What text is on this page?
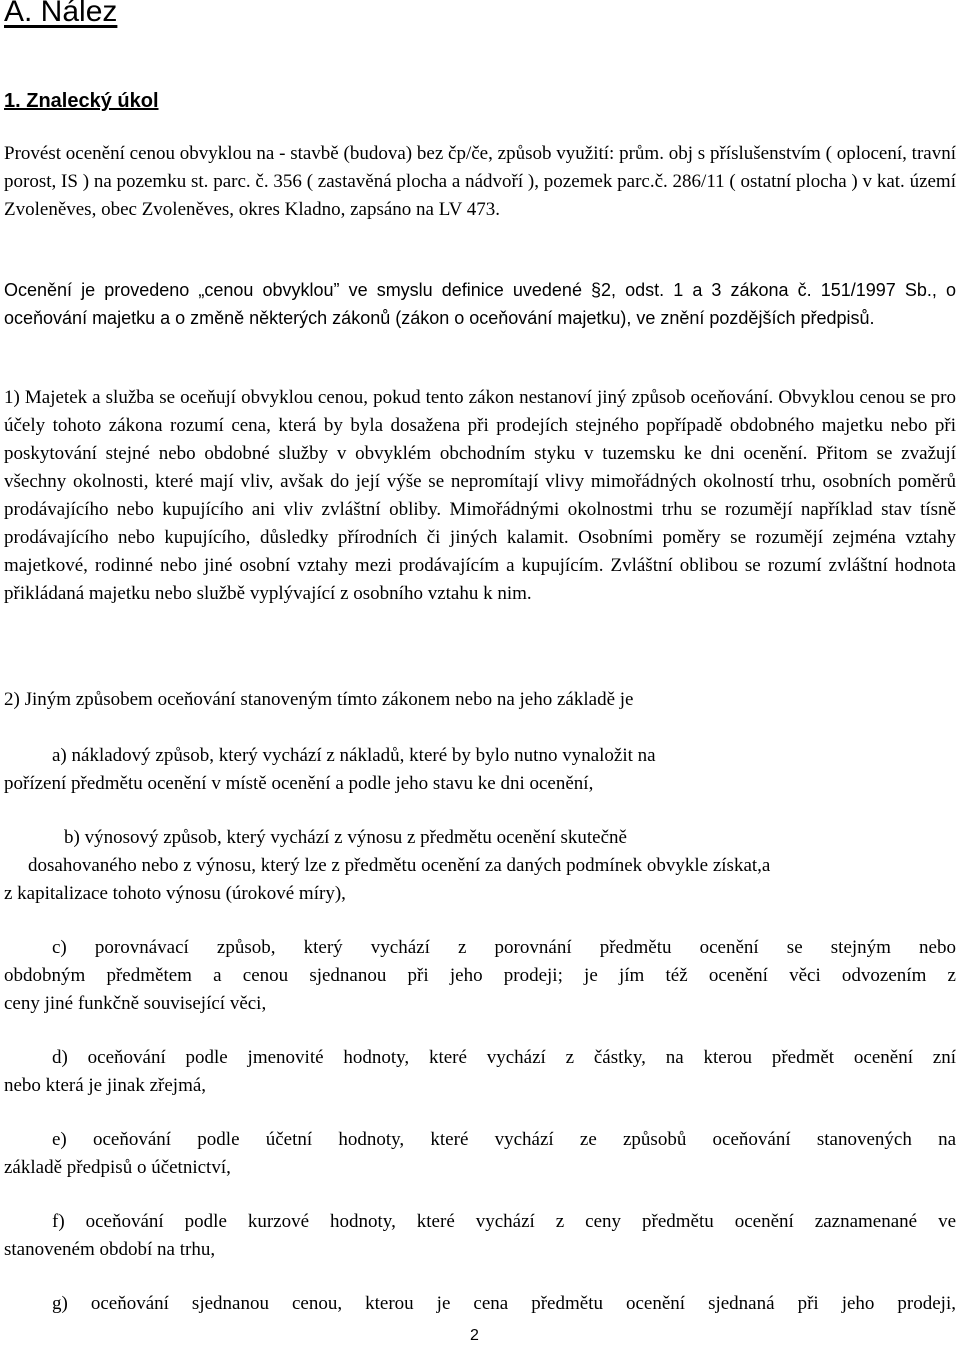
A. Nález
1. Znalecký úkol

Provést ocenění cenou obvyklou na - stavbě (budova) bez čp/če, způsob využití: prům. obj s příslušenstvím ( oplocení, travní porost, IS ) na pozemku st. parc. č. 356 ( zastavěná plocha a nádvoří ), pozemek parc.č. 286/11 ( ostatní plocha ) v kat. území Zvoleněves, obec Zvoleněves, okres Kladno, zapsáno na LV 473.

Ocenění je provedeno „cenou obvyklou” ve smyslu definice uvedené §2, odst. 1 a 3 zákona č. 151/1997 Sb., o oceňování majetku a o změně některých zákonů (zákon o oceňování majetku), ve znění pozdějších předpisů.

1) Majetek a služba se oceňují obvyklou cenou, pokud tento zákon nestanoví jiný způsob oceňování. Obvyklou cenou se pro účely tohoto zákona rozumí cena, která by byla dosažena při prodejích stejného popřípadě obdobného majetku nebo při poskytování stejné nebo obdobné služby v obvyklém obchodním styku v tuzemsku ke dni ocenění. Přitom se zvažují všechny okolnosti, které mají vliv, avšak do její výše se nepromítají vlivy mimořádných okolností trhu, osobních poměrů prodávajícího nebo kupujícího ani vliv zvláštní obliby. Mimořádnými okolnostmi trhu se rozumějí například stav tísně prodávajícího nebo kupujícího, důsledky přírodních či jiných kalamit. Osobními poměry se rozumějí zejména vztahy majetkové, rodinné nebo jiné osobní vztahy mezi prodávajícím a kupujícím. Zvláštní oblibou se rozumí zvláštní hodnota přikládaná majetku nebo službě vyplývající z osobního vztahu k nim.

2) Jiným způsobem oceňování stanoveným tímto zákonem nebo na jeho základě je

a) nákladový způsob, který vychází z nákladů, které by bylo nutno vynaložit na
pořízení předmětu ocenění v místě ocenění a podle jeho stavu ke dni ocenění,
b) výnosový způsob, který vychází z výnosu z předmětu ocenění skutečně
dosahovaného nebo z výnosu, který lze z předmětu ocenění za daných podmínek obvykle získat,a
z kapitalizace tohoto výnosu (úrokové míry),
c) porovnávací způsob, který vychází z porovnání předmětu ocenění se stejným nebo
obdobným předmětem a cenou sjednanou při jeho prodeji; je jím též ocenění věci odvozením z
ceny jiné funkčně související věci,
d) oceňování podle jmenovité hodnoty, které vychází z částky, na kterou předmět ocenění zní
nebo která je jinak zřejmá,
e) oceňování podle účetní hodnoty, které vychází ze způsobů oceňování stanovených na
základě předpisů o účetnictví,
f) oceňování podle kurzové hodnoty, které vychází z ceny předmětu ocenění zaznamenané ve
stanoveném období na trhu,
g) oceňování sjednanou cenou, kterou je cena předmětu ocenění sjednaná při jeho prodeji,
2
